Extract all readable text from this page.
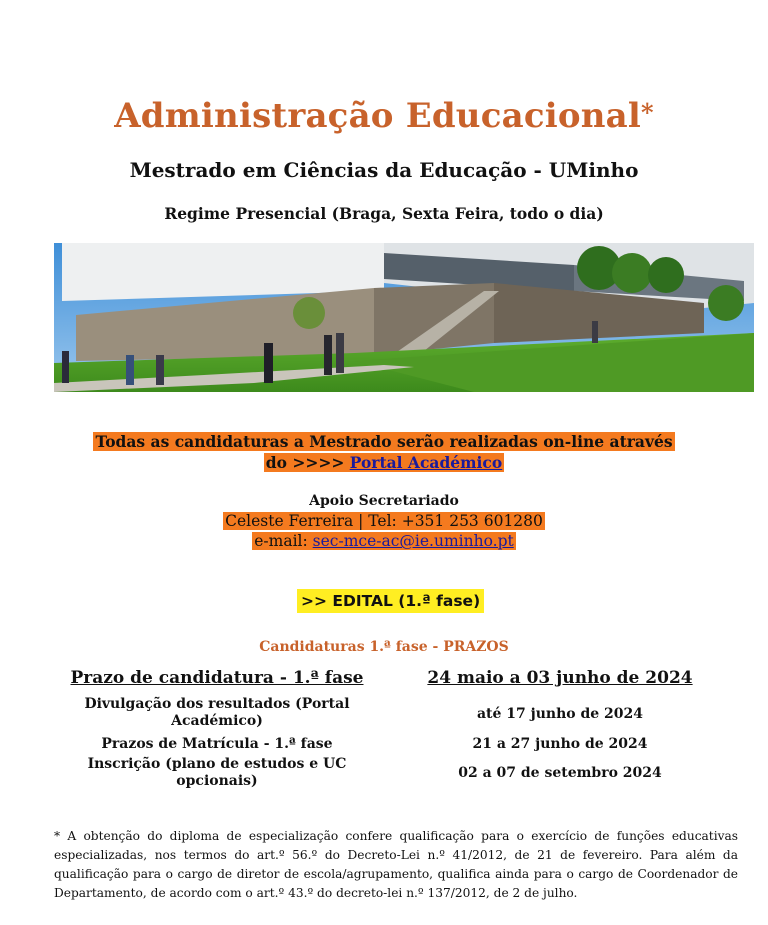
Administração Educacional*
Mestrado em Ciências da Educação - UMinho
Regime Presencial (Braga, Sexta Feira, todo o dia)
Todas as candidaturas a Mestrado serão realizadas on-line através
do >>>> Portal Académico
Apoio Secretariado
Celeste Ferreira | Tel: +351 253 601280
e-mail: sec-mce-ac@ie.uminho.pt
>> EDITAL (1.ª fase)
Candidaturas 1.ª fase - PRAZOS
Prazo de candidatura - 1.ª fase	24 maio a 03 junho de 2024
Divulgação dos resultados (Portal Académico)	até 17 junho de 2024
Prazos de Matrícula - 1.ª fase	21 a 27 junho de 2024
Inscrição (plano de estudos e UC opcionais)	02 a 07 de setembro 2024
* A obtenção do diploma de especialização confere qualificação para o exercício de funções educativas especializadas, nos termos do art.º 56.º do Decreto-Lei n.º 41/2012, de 21 de fevereiro. Para além da qualificação para o cargo de diretor de escola/agrupamento, qualifica ainda para o cargo de Coordenador de Departamento, de acordo com o art.º 43.º do decreto-lei n.º 137/2012, de 2 de julho.
